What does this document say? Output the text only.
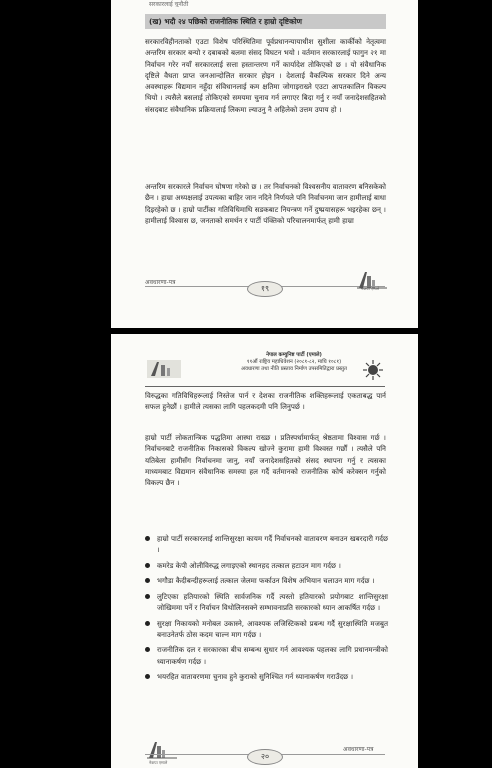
सरकारलाई चुनौती
(ख) भदौ २४ पछिको राजनीतिक स्थिति र हाम्रो दृष्टिकोण

सरकारविहीनताको एउटा विशेष परिस्थितिमा पूर्वप्रधानन्यायाधीश सुशीला कार्कीको नेतृत्वमा अन्तरिम सरकार बन्यो र दबाबको बलमा संसद विघटन भयो । वर्तमान सरकारलाई फागुन २१ मा निर्वाचन गरेर नयाँ सरकारलाई सत्ता हस्तान्तरण गर्ने कार्यादेश तोकिएको छ । यो संवैधानिक दृष्टिले वैधता प्राप्त जनआन्दोलित सरकार होइन । देशलाई वैकल्पिक सरकार दिने अन्य अवस्थाहरू विद्यमान नहुँदा संविधानलाई कम क्षतिमा जोगाइराख्ने एउटा आपतकालिन विकल्प थियो । त्यसैले बसलाई तोकिएको समयमा चुनाव गर्न लगाएर बिदा गर्नु र नयाँ जनादेशसहितको संसदबाट संवैधानिक प्रक्रियालाई लिकमा ल्याउनु नै अहिलेको उत्तम उपाय हो ।

अन्तरिम सरकारले निर्वाचन घोषणा गरेको छ । तर निर्वाचनको विश्वसनीय वातावरण बनिसकेको छैन । हाम्रा अध्यक्षलाई उपत्यका बाहिर जान नदिने निर्णयले पनि निर्वाचनमा जान हामीलाई बाधा दिइरहेको छ । हाम्रो पार्टीका गतिविधिमाथि सडकबाट नियन्त्रण गर्ने दुष्प्रयासहरू भइरहेका छन् । हामीलाई विश्वास छ, जनताको समर्थन र पार्टी पंक्तिको परिचालनमार्फत् हामी हाम्रा

अवधारणा-पत्र
१९	नेकपा एमाले
नेपाल कम्युनिष्ट पार्टी (एमाले)
११औं राष्ट्रिय महाधिवेशन (२०८१-८२, माघि १०८१)
अवधारणा तथा नीति प्रस्ताव निर्माण उपसमितिद्वारा प्रस्तुत

विरुद्धका गतिविधिहरूलाई निस्तेज पार्न र देशका राजनीतिक शक्तिहरूलाई एकताबद्ध पार्न सफल हुनेछौं । हामीले त्यसका लागि पहलकदमी पनि लिनुपर्छ ।

हाम्रो पार्टी लोकतान्त्रिक पद्धतिमा आस्था राख्छ । प्रतिस्पर्धामार्फत् श्रेष्ठतामा विश्वास गर्छ । निर्वाचनबाटै राजनीतिक निकासको विकल्प खोज्ने कुरामा हामी विश्वस्त गर्छौं । त्यसैले पनि यतिबेला हामीसँग निर्वाचनमा जानु, नयाँ जनादेशसहितको संसद स्थापना गर्नु र त्यसका माध्यमबाट विद्यमान संवैधानिक समस्या हल गर्दै वर्तमानको राजनीतिक कोर्ष करेक्सन गर्नुको विकल्प छैन ।

हाम्रो पार्टी सरकारलाई शान्तिसुरक्षा कायम गर्दै निर्वाचनको वातावरण बनाउन खबरदारी गर्दछ ।
कमरेड केपी ओलीविरुद्ध लगाइएको स्थानहद तत्काल हटाउन माग गर्दछ ।
भगौडा कैदीबन्दीहरूलाई तत्काल जेलमा फर्काउन विशेष अभियान चलाउन माग गर्दछ ।
लुटिएका हतियारको स्थिति सार्वजनिक गर्दै त्यस्तो हतियारको प्रयोगबाट शान्तिसुरक्षा जोखिममा पर्ने र निर्वाचन विथोलिनसक्ने सम्भावनाप्रति सरकारको ध्यान आकर्षित गर्दछ ।
सुरक्षा निकायको मनोबल उकास्ने, आवश्यक लजिस्टिकको प्रबन्ध गर्दै सुरक्षास्थिति मजबुत बनाउनेतर्फ ठोस कदम चाल्न माग गर्दछ ।
राजनीतिक दल र सरकारका बीच सम्बन्ध सुधार गर्न आवश्यक पहलका लागि प्रधानमन्त्रीको ध्यानाकर्षण गर्दछ ।
भयरहित वातावरणमा चुनाव हुने कुराको सुनिश्चित गर्न ध्यानाकर्षण गराउँदछ ।
नेकपा एमाले
२०
अवधारणा-पत्र
